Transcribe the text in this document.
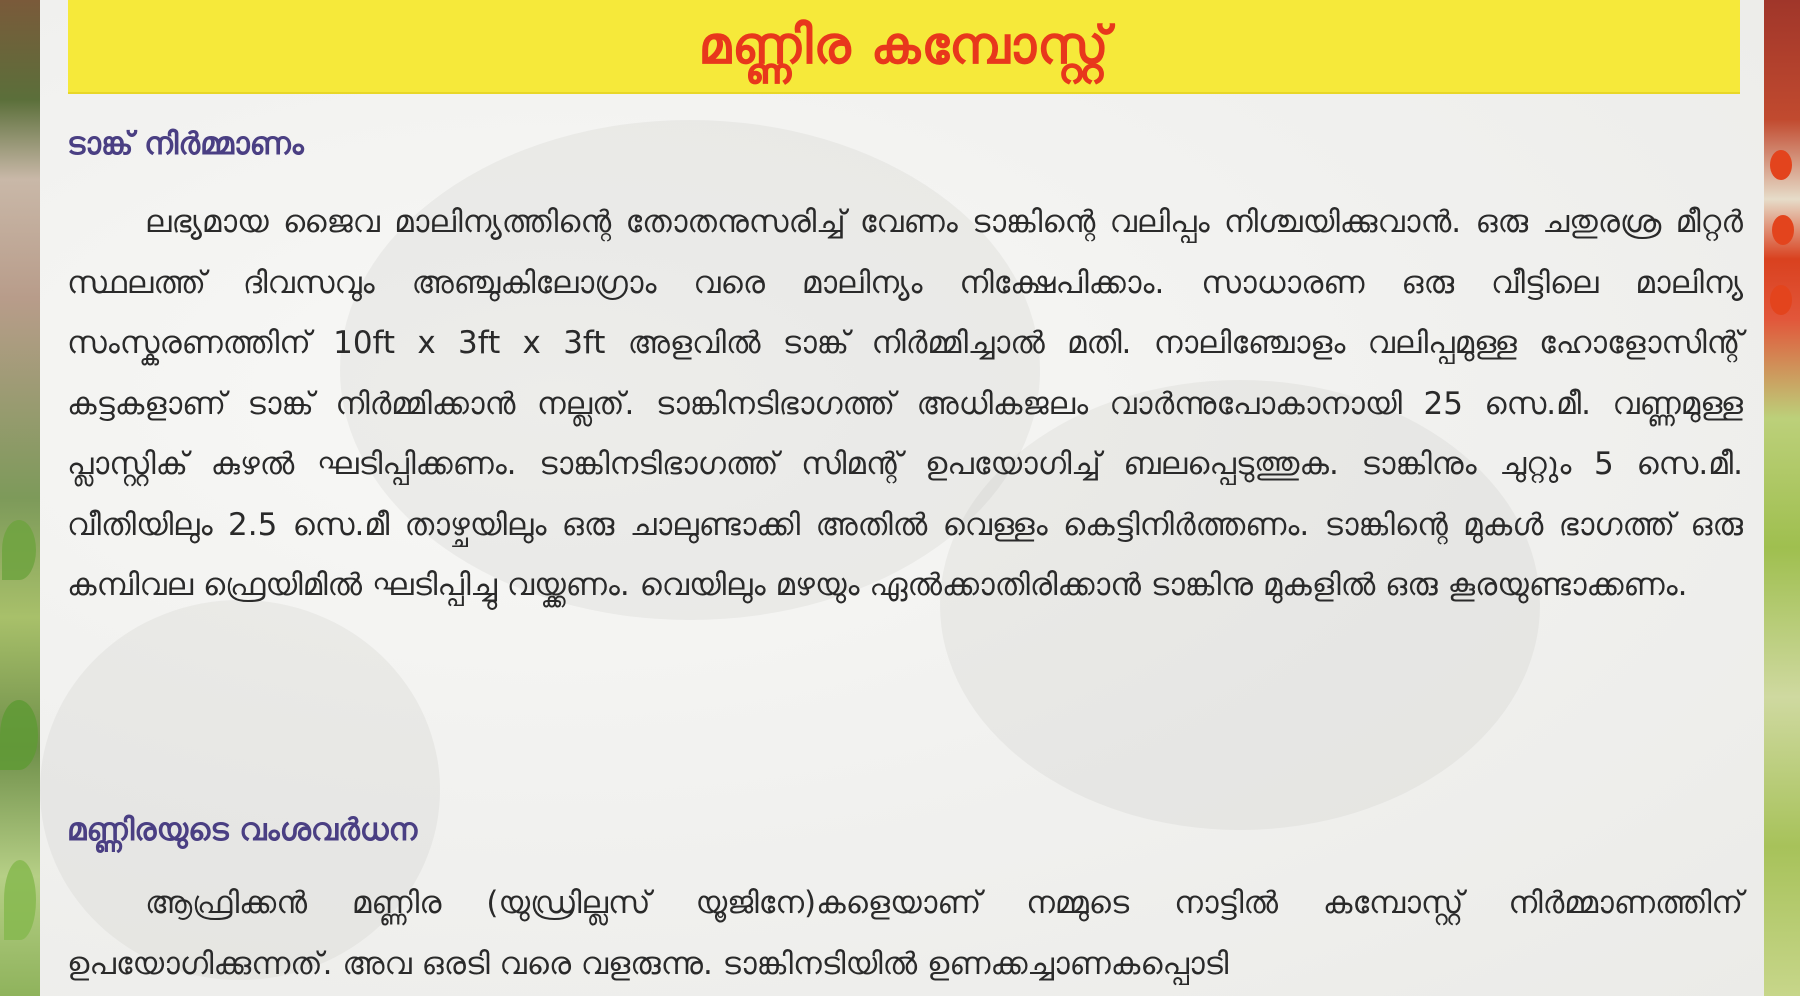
മണ്ണിര കമ്പോസ്റ്റ്
ടാങ്ക് നിർമ്മാണം

ലഭ്യമായ ജൈവ മാലിന്യത്തിന്റെ തോതനുസരിച്ച് വേണം ടാങ്കിന്റെ വലിപ്പം നിശ്ചയിക്കുവാൻ. ഒരു ചതുരശ്ര മീറ്റർ സ്ഥലത്ത് ദിവസവും അഞ്ചുകിലോഗ്രാം വരെ മാലിന്യം നിക്ഷേപിക്കാം. സാധാരണ ഒരു വീട്ടിലെ മാലിന്യ സംസ്കരണത്തിന് 10ft x 3ft x 3ft അളവിൽ ടാങ്ക് നിർമ്മിച്ചാൽ മതി. നാലിഞ്ചോളം വലിപ്പമുള്ള ഹോളോസിന്റ് കട്ടകളാണ് ടാങ്ക് നിർമ്മിക്കാൻ നല്ലത്. ടാങ്കിനടിഭാഗത്ത് അധികജലം വാർന്നുപോകാനായി 25 സെ.മീ. വണ്ണമുള്ള പ്ലാസ്റ്റിക് കുഴൽ ഘടിപ്പിക്കണം. ടാങ്കിനടിഭാഗത്ത് സിമന്റ് ഉപയോഗിച്ച് ബലപ്പെടുത്തുക. ടാങ്കിനും ചുറ്റും 5 സെ.മീ. വീതിയിലും 2.5 സെ.മീ താഴ്ചയിലും ഒരു ചാലുണ്ടാക്കി അതിൽ വെള്ളം കെട്ടിനിർത്തണം. ടാങ്കിന്റെ മുകൾ ഭാഗത്ത് ഒരു കമ്പിവല ഫ്രെയിമിൽ ഘടിപ്പിച്ചു വയ്ക്കണം. വെയിലും മഴയും ഏൽക്കാതിരിക്കാൻ ടാങ്കിനു മുകളിൽ ഒരു കൂരയുണ്ടാക്കണം.

മണ്ണിരയുടെ വംശവർധന

ആഫ്രിക്കൻ മണ്ണിര (യുഡ്രില്ലസ് യൂജിനേ)കളെയാണ് നമ്മുടെ നാട്ടിൽ കമ്പോസ്റ്റ് നിർമ്മാണത്തിന് ഉപയോഗിക്കുന്നത്. അവ ഒരടി വരെ വളരുന്നു. ടാങ്കിനടിയിൽ ഉണക്കച്ചാണകപ്പൊടി
